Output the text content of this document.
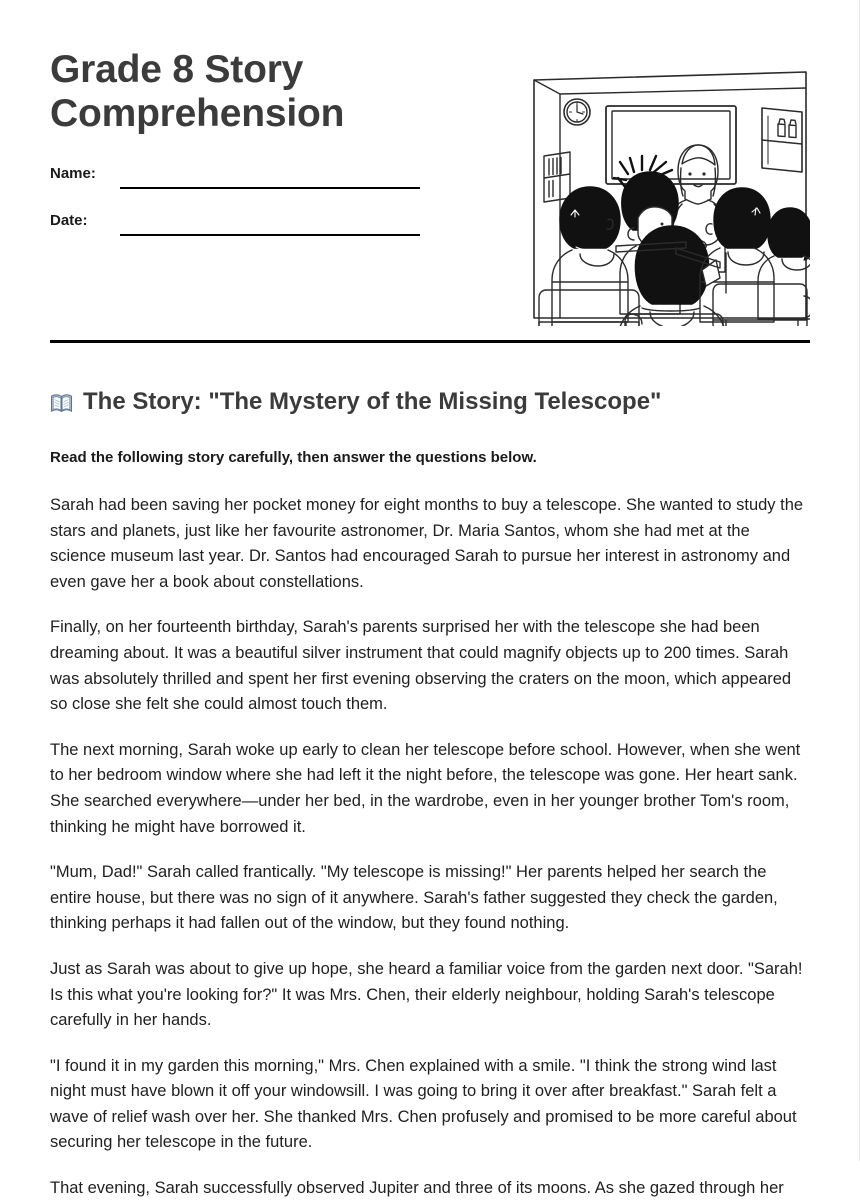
Grade 8 Story Comprehension
Name:
Date:
The Story: "The Mystery of the Missing Telescope"

Read the following story carefully, then answer the questions below.

Sarah had been saving her pocket money for eight months to buy a telescope. She wanted to study the stars and planets, just like her favourite astronomer, Dr. Maria Santos, whom she had met at the science museum last year. Dr. Santos had encouraged Sarah to pursue her interest in astronomy and even gave her a book about constellations.

Finally, on her fourteenth birthday, Sarah's parents surprised her with the telescope she had been dreaming about. It was a beautiful silver instrument that could magnify objects up to 200 times. Sarah was absolutely thrilled and spent her first evening observing the craters on the moon, which appeared so close she felt she could almost touch them.

The next morning, Sarah woke up early to clean her telescope before school. However, when she went to her bedroom window where she had left it the night before, the telescope was gone. Her heart sank. She searched everywhere—under her bed, in the wardrobe, even in her younger brother Tom's room, thinking he might have borrowed it.

"Mum, Dad!" Sarah called frantically. "My telescope is missing!" Her parents helped her search the entire house, but there was no sign of it anywhere. Sarah's father suggested they check the garden, thinking perhaps it had fallen out of the window, but they found nothing.

Just as Sarah was about to give up hope, she heard a familiar voice from the garden next door. "Sarah! Is this what you're looking for?" It was Mrs. Chen, their elderly neighbour, holding Sarah's telescope carefully in her hands.

"I found it in my garden this morning," Mrs. Chen explained with a smile. "I think the strong wind last night must have blown it off your windowsill. I was going to bring it over after breakfast." Sarah felt a wave of relief wash over her. She thanked Mrs. Chen profusely and promised to be more careful about securing her telescope in the future.

That evening, Sarah successfully observed Jupiter and three of its moons. As she gazed through her
